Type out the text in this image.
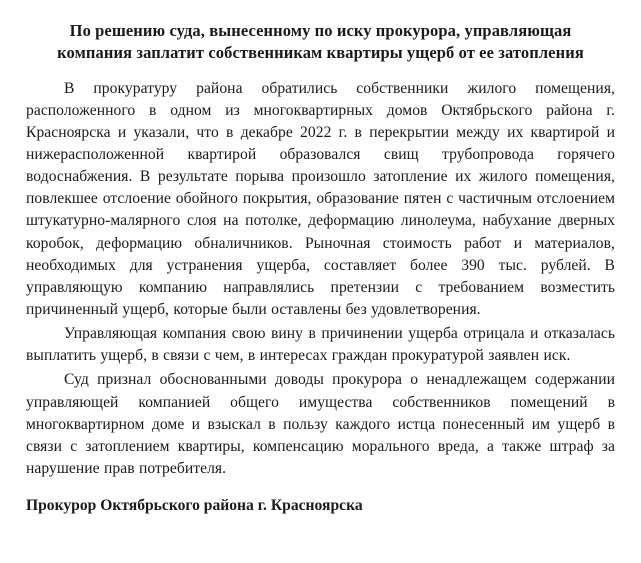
По решению суда, вынесенному по иску прокурора, управляющая
компания заплатит собственникам квартиры ущерб от ее затопления

В прокуратуру района обратились собственники жилого помещения, расположенного в одном из многоквартирных домов Октябрьского района г. Красноярска и указали, что в декабре 2022 г. в перекрытии между их квартирой и нижерасположенной квартирой образовался свищ трубопровода горячего водоснабжения. В результате порыва произошло затопление их жилого помещения, повлекшее отслоение обойного покрытия, образование пятен с частичным отслоением штукатурно-малярного слоя на потолке, деформацию линолеума, набухание дверных коробок, деформацию обналичников. Рыночная стоимость работ и материалов, необходимых для устранения ущерба, составляет более 390 тыс. рублей. В управляющую компанию направлялись претензии с требованием возместить причиненный ущерб, которые были оставлены без удовлетворения.

Управляющая компания свою вину в причинении ущерба отрицала и отказалась выплатить ущерб, в связи с чем, в интересах граждан прокуратурой заявлен иск.

Суд признал обоснованными доводы прокурора о ненадлежащем содержании управляющей компанией общего имущества собственников помещений в многоквартирном доме и взыскал в пользу каждого истца понесенный им ущерб в связи с затоплением квартиры, компенсацию морального вреда, а также штраф за нарушение прав потребителя.

Прокурор Октябрьского района г. Красноярска
